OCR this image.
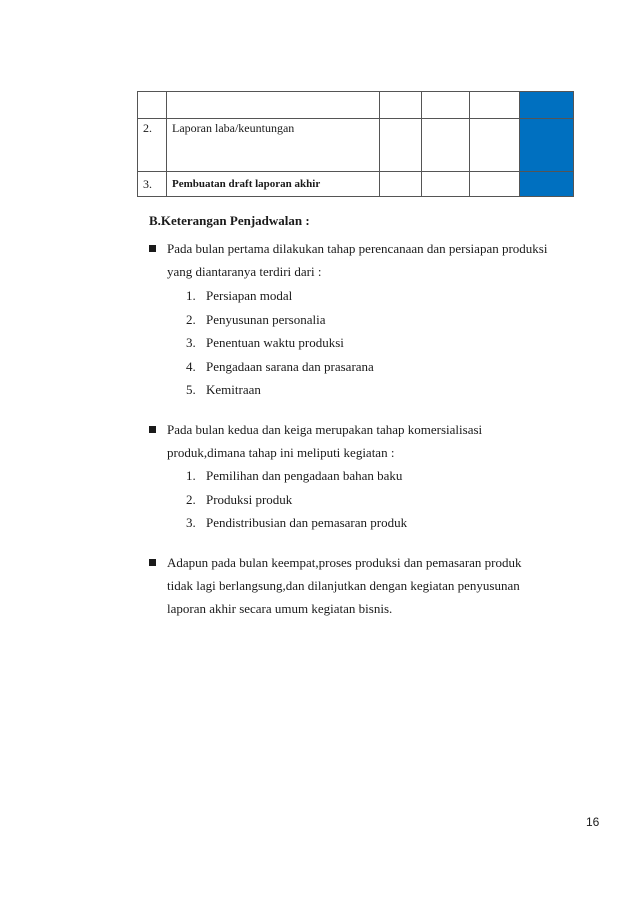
2.	Laporan laba/keuntungan				
3.	Pembuatan draft laporan akhir				
B.Keterangan Penjadwalan :
Pada bulan pertama dilakukan tahap perencanaan dan persiapan produksi
yang diantaranya terdiri dari :
1. Persiapan modal
2. Penyusunan personalia
3. Penentuan waktu produksi
4. Pengadaan sarana dan prasarana
5. Kemitraan
Pada bulan kedua dan keiga merupakan tahap komersialisasi
produk,dimana tahap ini meliputi kegiatan :
1. Pemilihan dan pengadaan bahan baku
2. Produksi produk
3. Pendistribusian dan pemasaran produk
Adapun pada bulan keempat,proses produksi dan pemasaran produk
tidak lagi berlangsung,dan dilanjutkan dengan kegiatan penyusunan
laporan akhir secara umum kegiatan bisnis.
16
